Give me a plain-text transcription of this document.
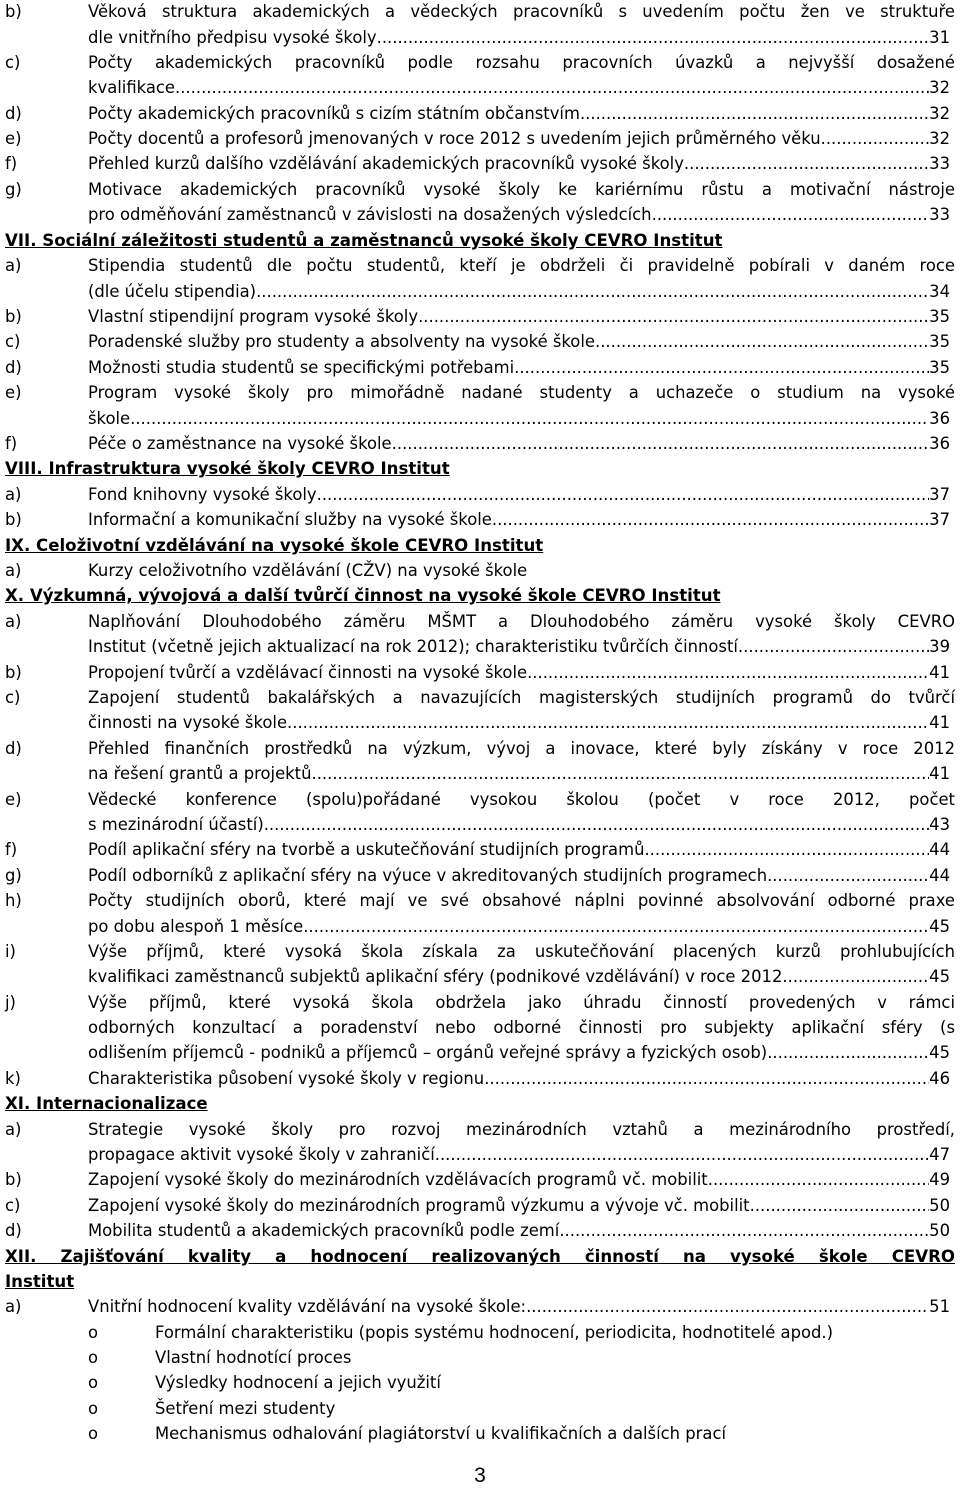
b)	Věková struktura akademických a vědeckých pracovníků s uvedením počtu žen ve struktuře
dle vnitřního předpisu vysoké školy .....	31
c)	Počty akademických pracovníků podle rozsahu pracovních úvazků a nejvyšší dosažené
kvalifikace .....	32
d)	Počty akademických pracovníků s cizím státním občanstvím .....	32
e)	Počty docentů a profesorů jmenovaných v roce 2012 s uvedením jejich průměrného věku .....	32
f)	Přehled kurzů dalšího vzdělávání akademických pracovníků vysoké školy .....	33
g)	Motivace akademických pracovníků vysoké školy ke kariérnímu růstu a motivační nástroje
pro odměňování zaměstnanců v závislosti na dosažených výsledcích .....	33
VII. Sociální záležitosti studentů a zaměstnanců vysoké školy CEVRO Institut
a)	Stipendia studentů dle počtu studentů, kteří je obdrželi či pravidelně pobírali v daném roce
(dle účelu stipendia) .....	34
b)	Vlastní stipendijní program vysoké školy .....	35
c)	Poradenské služby pro studenty a absolventy na vysoké škole .....	35
d)	Možnosti studia studentů se specifickými potřebami .....	35
e)	Program vysoké školy pro mimořádně nadané studenty a uchazeče o studium na vysoké
škole .....	36
f)	Péče o zaměstnance na vysoké škole .....	36
VIII. Infrastruktura vysoké školy CEVRO Institut
a)	Fond knihovny vysoké školy .....	37
b)	Informační a komunikační služby na vysoké škole .....	37
IX. Celoživotní vzdělávání na vysoké škole CEVRO Institut
a)	Kurzy celoživotního vzdělávání (CŽV) na vysoké škole
X. Výzkumná, vývojová a další tvůrčí činnost na vysoké škole CEVRO Institut
a)	Naplňování Dlouhodobého záměru MŠMT a Dlouhodobého záměru vysoké školy CEVRO
Institut (včetně jejich aktualizací na rok 2012); charakteristiku tvůrčích činností .....	39
b)	Propojení tvůrčí a vzdělávací činnosti na vysoké škole .....	41
c)	Zapojení studentů bakalářských a navazujících magisterských studijních programů do tvůrčí
činnosti na vysoké škole .....	41
d)	Přehled finančních prostředků na výzkum, vývoj a inovace, které byly získány v roce 2012
na řešení grantů a projektů .....	41
e)	Vědecké konference (spolu)pořádané vysokou školou (počet v roce 2012, počet
s mezinárodní účastí) .....	43
f)	Podíl aplikační sféry na tvorbě a uskutečňování studijních programů .....	44
g)	Podíl odborníků z aplikační sféry na výuce v akreditovaných studijních programech .....	44
h)	Počty studijních oborů, které mají ve své obsahové náplni povinné absolvování odborné praxe
po dobu alespoň 1 měsíce .....	45
i)	Výše příjmů, které vysoká škola získala za uskutečňování placených kurzů prohlubujících
kvalifikaci zaměstnanců subjektů aplikační sféry (podnikové vzdělávání) v roce 2012 .....	45
j)	Výše příjmů, které vysoká škola obdržela jako úhradu činností provedených v rámci
odborných konzultací a poradenství nebo odborné činnosti pro subjekty aplikační sféry (s
odlišením příjemců - podniků a příjemců – orgánů veřejné správy a fyzických osob) .....	45
k)	Charakteristika působení vysoké školy v regionu .....	46
XI. Internacionalizace
a)	Strategie vysoké školy pro rozvoj mezinárodních vztahů a mezinárodního prostředí,
propagace aktivit vysoké školy v zahraničí .....	47
b)	Zapojení vysoké školy do mezinárodních vzdělávacích programů vč. mobilit .....	49
c)	Zapojení vysoké školy do mezinárodních programů výzkumu a vývoje vč. mobilit .....	50
d)	Mobilita studentů a akademických pracovníků podle zemí .....	50
XII. Zajišťování kvality a hodnocení realizovaných činností na vysoké škole CEVRO
Institut
a)	Vnitřní hodnocení kvality vzdělávání na vysoké škole: .....	51
o	Formální charakteristiku (popis systému hodnocení, periodicita, hodnotitelé apod.)
o	Vlastní hodnotící proces
o	Výsledky hodnocení a jejich využití
o	Šetření mezi studenty
o	Mechanismus odhalování plagiátorství u kvalifikačních a dalších prací
3
